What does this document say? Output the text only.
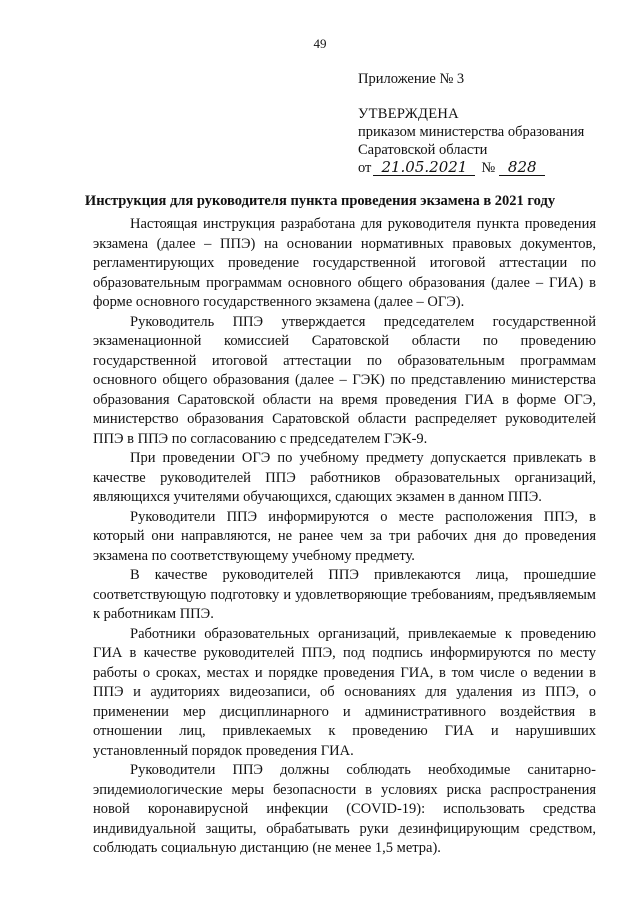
49
Приложение № 3
УТВЕРЖДЕНА
приказом министерства образования
Саратовской области
от 21.05.2021 № 828
Инструкция для руководителя пункта проведения экзамена в 2021 году

Настоящая инструкция разработана для руководителя пункта проведения экзамена (далее – ППЭ) на основании нормативных правовых документов, регламентирующих проведение государственной итоговой аттестации по образовательным программам основного общего образования (далее – ГИА) в форме основного государственного экзамена (далее – ОГЭ).

Руководитель ППЭ утверждается председателем государственной экзаменационной комиссией Саратовской области по проведению государственной итоговой аттестации по образовательным программам основного общего образования (далее – ГЭК) по представлению министерства образования Саратовской области на время проведения ГИА в форме ОГЭ, министерство образования Саратовской области распределяет руководителей ППЭ в ППЭ по согласованию с председателем ГЭК-9.

При проведении ОГЭ по учебному предмету допускается привлекать в качестве руководителей ППЭ работников образовательных организаций, являющихся учителями обучающихся, сдающих экзамен в данном ППЭ.

Руководители ППЭ информируются о месте расположения ППЭ, в который они направляются, не ранее чем за три рабочих дня до проведения экзамена по соответствующему учебному предмету.

В качестве руководителей ППЭ привлекаются лица, прошедшие соответствующую подготовку и удовлетворяющие требованиям, предъявляемым к работникам ППЭ.

Работники образовательных организаций, привлекаемые к проведению ГИА в качестве руководителей ППЭ, под подпись информируются по месту работы о сроках, местах и порядке проведения ГИА, в том числе о ведении в ППЭ и аудиториях видеозаписи, об основаниях для удаления из ППЭ, о применении мер дисциплинарного и административного воздействия в отношении лиц, привлекаемых к проведению ГИА и нарушивших установленный порядок проведения ГИА.

Руководители ППЭ должны соблюдать необходимые санитарно-эпидемиологические меры безопасности в условиях риска распространения новой коронавирусной инфекции (COVID-19): использовать средства индивидуальной защиты, обрабатывать руки дезинфицирующим средством, соблюдать социальную дистанцию (не менее 1,5 метра).
